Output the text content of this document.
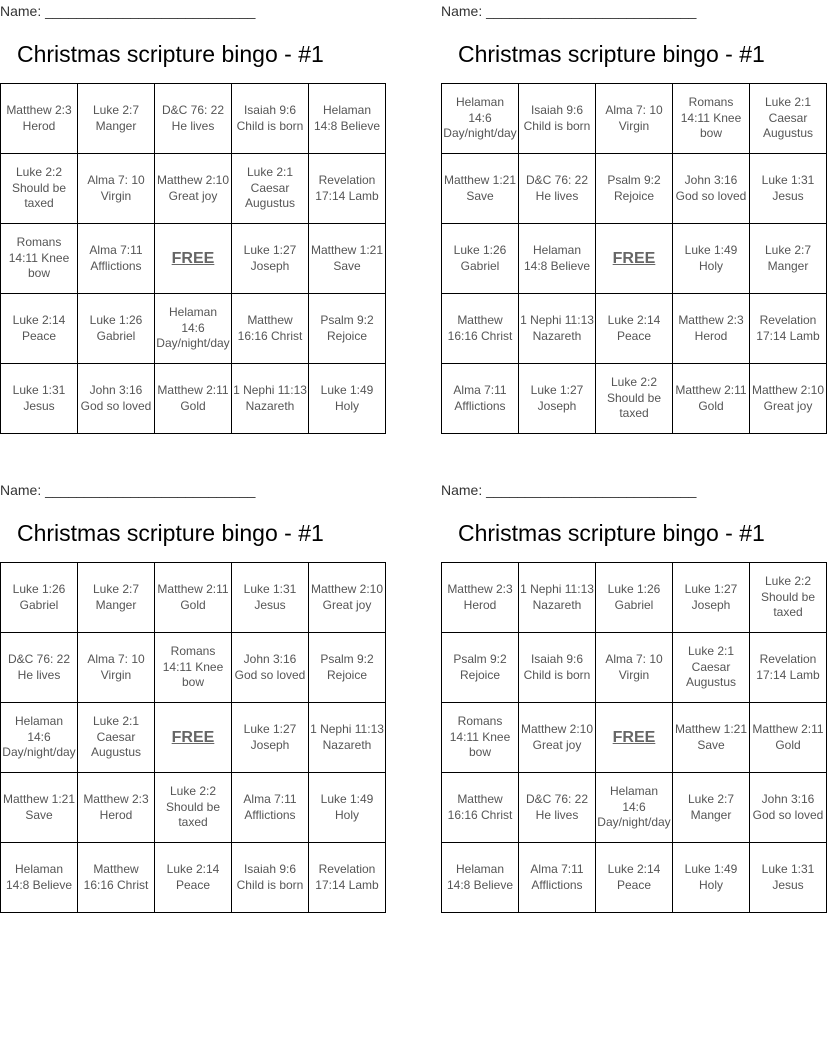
Name: ___________________________
Christmas scripture bingo - #1
Matthew 2:3 Herod	Luke 2:7 Manger	D&C 76: 22 He lives	Isaiah 9:6 Child is born	Helaman 14:8 Believe
Luke 2:2 Should be taxed	Alma 7: 10 Virgin	Matthew 2:10 Great joy	Luke 2:1 Caesar Augustus	Revelation 17:14 Lamb
Romans 14:11 Knee bow	Alma 7:11 Afflictions	FREE	Luke 1:27 Joseph	Matthew 1:21 Save
Luke 2:14 Peace	Luke 1:26 Gabriel	Helaman 14:6 Day/night/day	Matthew 16:16 Christ	Psalm 9:2 Rejoice
Luke 1:31 Jesus	John 3:16 God so loved	Matthew 2:11 Gold	1 Nephi 11:13 Nazareth	Luke 1:49 Holy
Name: ___________________________
Christmas scripture bingo - #1
Helaman 14:6 Day/night/day	Isaiah 9:6 Child is born	Alma 7: 10 Virgin	Romans 14:11 Knee bow	Luke 2:1 Caesar Augustus
Matthew 1:21 Save	D&C 76: 22 He lives	Psalm 9:2 Rejoice	John 3:16 God so loved	Luke 1:31 Jesus
Luke 1:26 Gabriel	Helaman 14:8 Believe	FREE	Luke 1:49 Holy	Luke 2:7 Manger
Matthew 16:16 Christ	1 Nephi 11:13 Nazareth	Luke 2:14 Peace	Matthew 2:3 Herod	Revelation 17:14 Lamb
Alma 7:11 Afflictions	Luke 1:27 Joseph	Luke 2:2 Should be taxed	Matthew 2:11 Gold	Matthew 2:10 Great joy
Name: ___________________________
Christmas scripture bingo - #1
Luke 1:26 Gabriel	Luke 2:7 Manger	Matthew 2:11 Gold	Luke 1:31 Jesus	Matthew 2:10 Great joy
D&C 76: 22 He lives	Alma 7: 10 Virgin	Romans 14:11 Knee bow	John 3:16 God so loved	Psalm 9:2 Rejoice
Helaman 14:6 Day/night/day	Luke 2:1 Caesar Augustus	FREE	Luke 1:27 Joseph	1 Nephi 11:13 Nazareth
Matthew 1:21 Save	Matthew 2:3 Herod	Luke 2:2 Should be taxed	Alma 7:11 Afflictions	Luke 1:49 Holy
Helaman 14:8 Believe	Matthew 16:16 Christ	Luke 2:14 Peace	Isaiah 9:6 Child is born	Revelation 17:14 Lamb
Name: ___________________________
Christmas scripture bingo - #1
Matthew 2:3 Herod	1 Nephi 11:13 Nazareth	Luke 1:26 Gabriel	Luke 1:27 Joseph	Luke 2:2 Should be taxed
Psalm 9:2 Rejoice	Isaiah 9:6 Child is born	Alma 7: 10 Virgin	Luke 2:1 Caesar Augustus	Revelation 17:14 Lamb
Romans 14:11 Knee bow	Matthew 2:10 Great joy	FREE	Matthew 1:21 Save	Matthew 2:11 Gold
Matthew 16:16 Christ	D&C 76: 22 He lives	Helaman 14:6 Day/night/day	Luke 2:7 Manger	John 3:16 God so loved
Helaman 14:8 Believe	Alma 7:11 Afflictions	Luke 2:14 Peace	Luke 1:49 Holy	Luke 1:31 Jesus
